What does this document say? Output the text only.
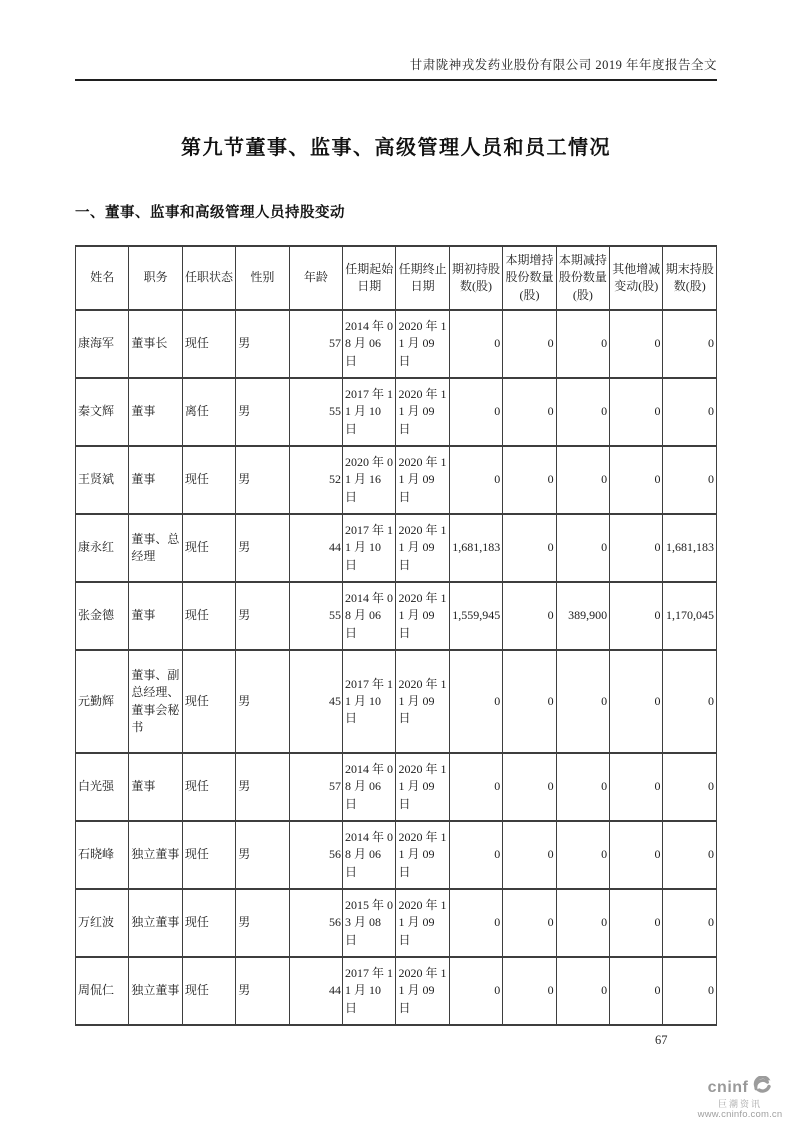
甘肃陇神戎发药业股份有限公司 2019 年年度报告全文
第九节董事、监事、高级管理人员和员工情况
一、董事、监事和高级管理人员持股变动
姓名	职务	任职状态	性别	年龄	任期起始日期	任期终止日期	期初持股数(股)	本期增持股份数量(股)	本期减持股份数量(股)	其他增减变动(股)	期末持股数(股)
康海军	董事长	现任	男	57	2014 年 08 月 06 日	2020 年 11 月 09 日	0	0	0	0	0
秦文辉	董事	离任	男	55	2017 年 11 月 10 日	2020 年 11 月 09 日	0	0	0	0	0
王贤斌	董事	现任	男	52	2020 年 01 月 16 日	2020 年 11 月 09 日	0	0	0	0	0
康永红	董事、总经理	现任	男	44	2017 年 11 月 10 日	2020 年 11 月 09 日	1,681,183	0	0	0	1,681,183
张金德	董事	现任	男	55	2014 年 08 月 06 日	2020 年 11 月 09 日	1,559,945	0	389,900	0	1,170,045
元勤辉	董事、副总经理、董事会秘书	现任	男	45	2017 年 11 月 10 日	2020 年 11 月 09 日	0	0	0	0	0
白光强	董事	现任	男	57	2014 年 08 月 06 日	2020 年 11 月 09 日	0	0	0	0	0
石晓峰	独立董事	现任	男	56	2014 年 08 月 06 日	2020 年 11 月 09 日	0	0	0	0	0
万红波	独立董事	现任	男	56	2015 年 03 月 08 日	2020 年 11 月 09 日	0	0	0	0	0
周侃仁	独立董事	现任	男	44	2017 年 11 月 10 日	2020 年 11 月 09 日	0	0	0	0	0
67
cninf
巨潮资讯
www.cninfo.com.cn
